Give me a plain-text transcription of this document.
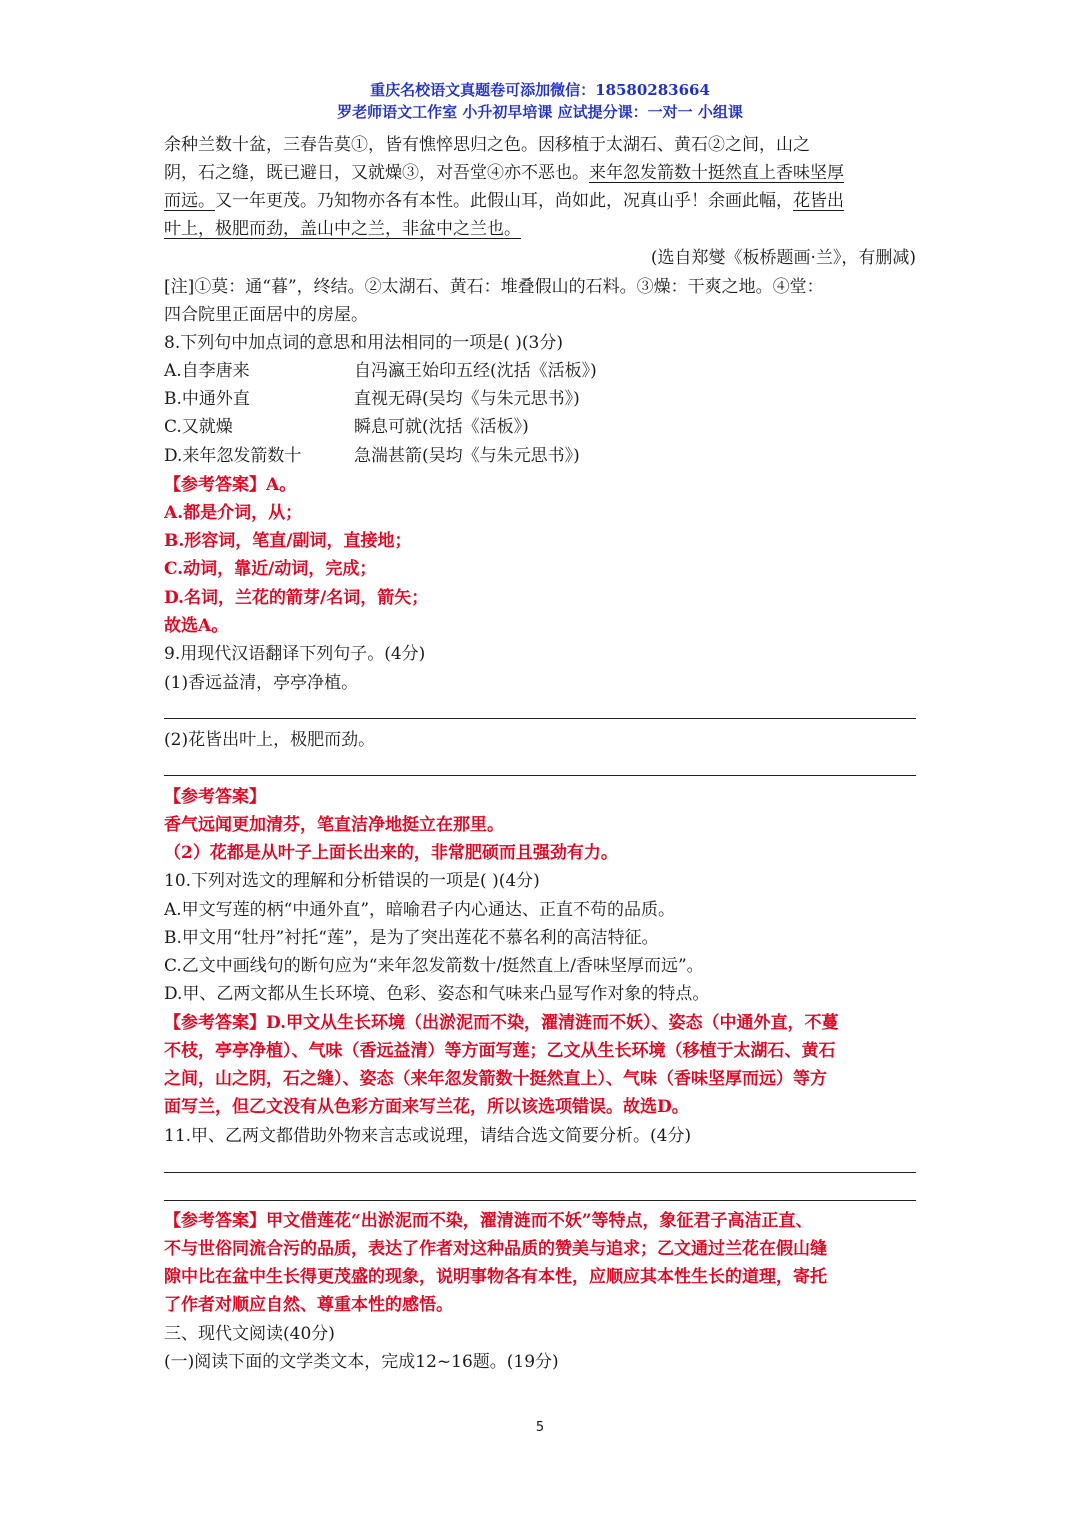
重庆名校语文真题卷可添加微信：18580283664
罗老师语文工作室 小升初早培课 应试提分课：一对一 小组课
余种兰数十盆，三春告莫①，皆有憔悴思归之色。因移植于太湖石、黄石②之间，山之
阴，石之缝，既已避日，又就燥③，对吾堂④亦不恶也。来年忽发箭数十挺然直上香味坚厚
而远。又一年更茂。乃知物亦各有本性。此假山耳，尚如此，况真山乎！余画此幅，花皆出
叶上，极肥而劲，盖山中之兰，非盆中之兰也。
(选自郑燮《板桥题画·兰》，有删减)
[注]①莫：通“暮”，终结。②太湖石、黄石：堆叠假山的石料。③燥：干爽之地。④堂：
四合院里正面居中的房屋。
8.下列句中加点词的意思和用法相同的一项是( )(3分)
A.自李唐来	自冯瀛王始印五经(沈括《活板》)
B.中通外直	直视无碍(吴均《与朱元思书》)
C.又就燥	瞬息可就(沈括《活板》)
D.来年忽发箭数十	急湍甚箭(吴均《与朱元思书》)
【参考答案】A。
A.都是介词，从；
B.形容词，笔直/副词，直接地；
C.动词，靠近/动词，完成；
D.名词，兰花的箭芽/名词，箭矢；
故选A。
9.用现代汉语翻译下列句子。(4分)
(1)香远益清，亭亭净植。
(2)花皆出叶上，极肥而劲。
【参考答案】
香气远闻更加清芬，笔直洁净地挺立在那里。
（2）花都是从叶子上面长出来的，非常肥硕而且强劲有力。
10.下列对选文的理解和分析错误的一项是( )(4分)
A.甲文写莲的柄“中通外直”，暗喻君子内心通达、正直不苟的品质。
B.甲文用“牡丹”衬托“莲”，是为了突出莲花不慕名利的高洁特征。
C.乙文中画线句的断句应为“来年忽发箭数十/挺然直上/香味坚厚而远”。
D.甲、乙两文都从生长环境、色彩、姿态和气味来凸显写作对象的特点。
【参考答案】D.甲文从生长环境（出淤泥而不染，濯清涟而不妖）、姿态（中通外直，不蔓
不枝，亭亭净植）、气味（香远益清）等方面写莲；乙文从生长环境（移植于太湖石、黄石
之间，山之阴，石之缝）、姿态（来年忽发箭数十挺然直上）、气味（香味坚厚而远）等方
面写兰，但乙文没有从色彩方面来写兰花，所以该选项错误。故选D。
11.甲、乙两文都借助外物来言志或说理，请结合选文简要分析。(4分)
【参考答案】甲文借莲花“出淤泥而不染，濯清涟而不妖”等特点，象征君子高洁正直、
不与世俗同流合污的品质，表达了作者对这种品质的赞美与追求；乙文通过兰花在假山缝
隙中比在盆中生长得更茂盛的现象，说明事物各有本性，应顺应其本性生长的道理，寄托
了作者对顺应自然、尊重本性的感悟。
三、现代文阅读(40分)
(一)阅读下面的文学类文本，完成12~16题。(19分)
5
